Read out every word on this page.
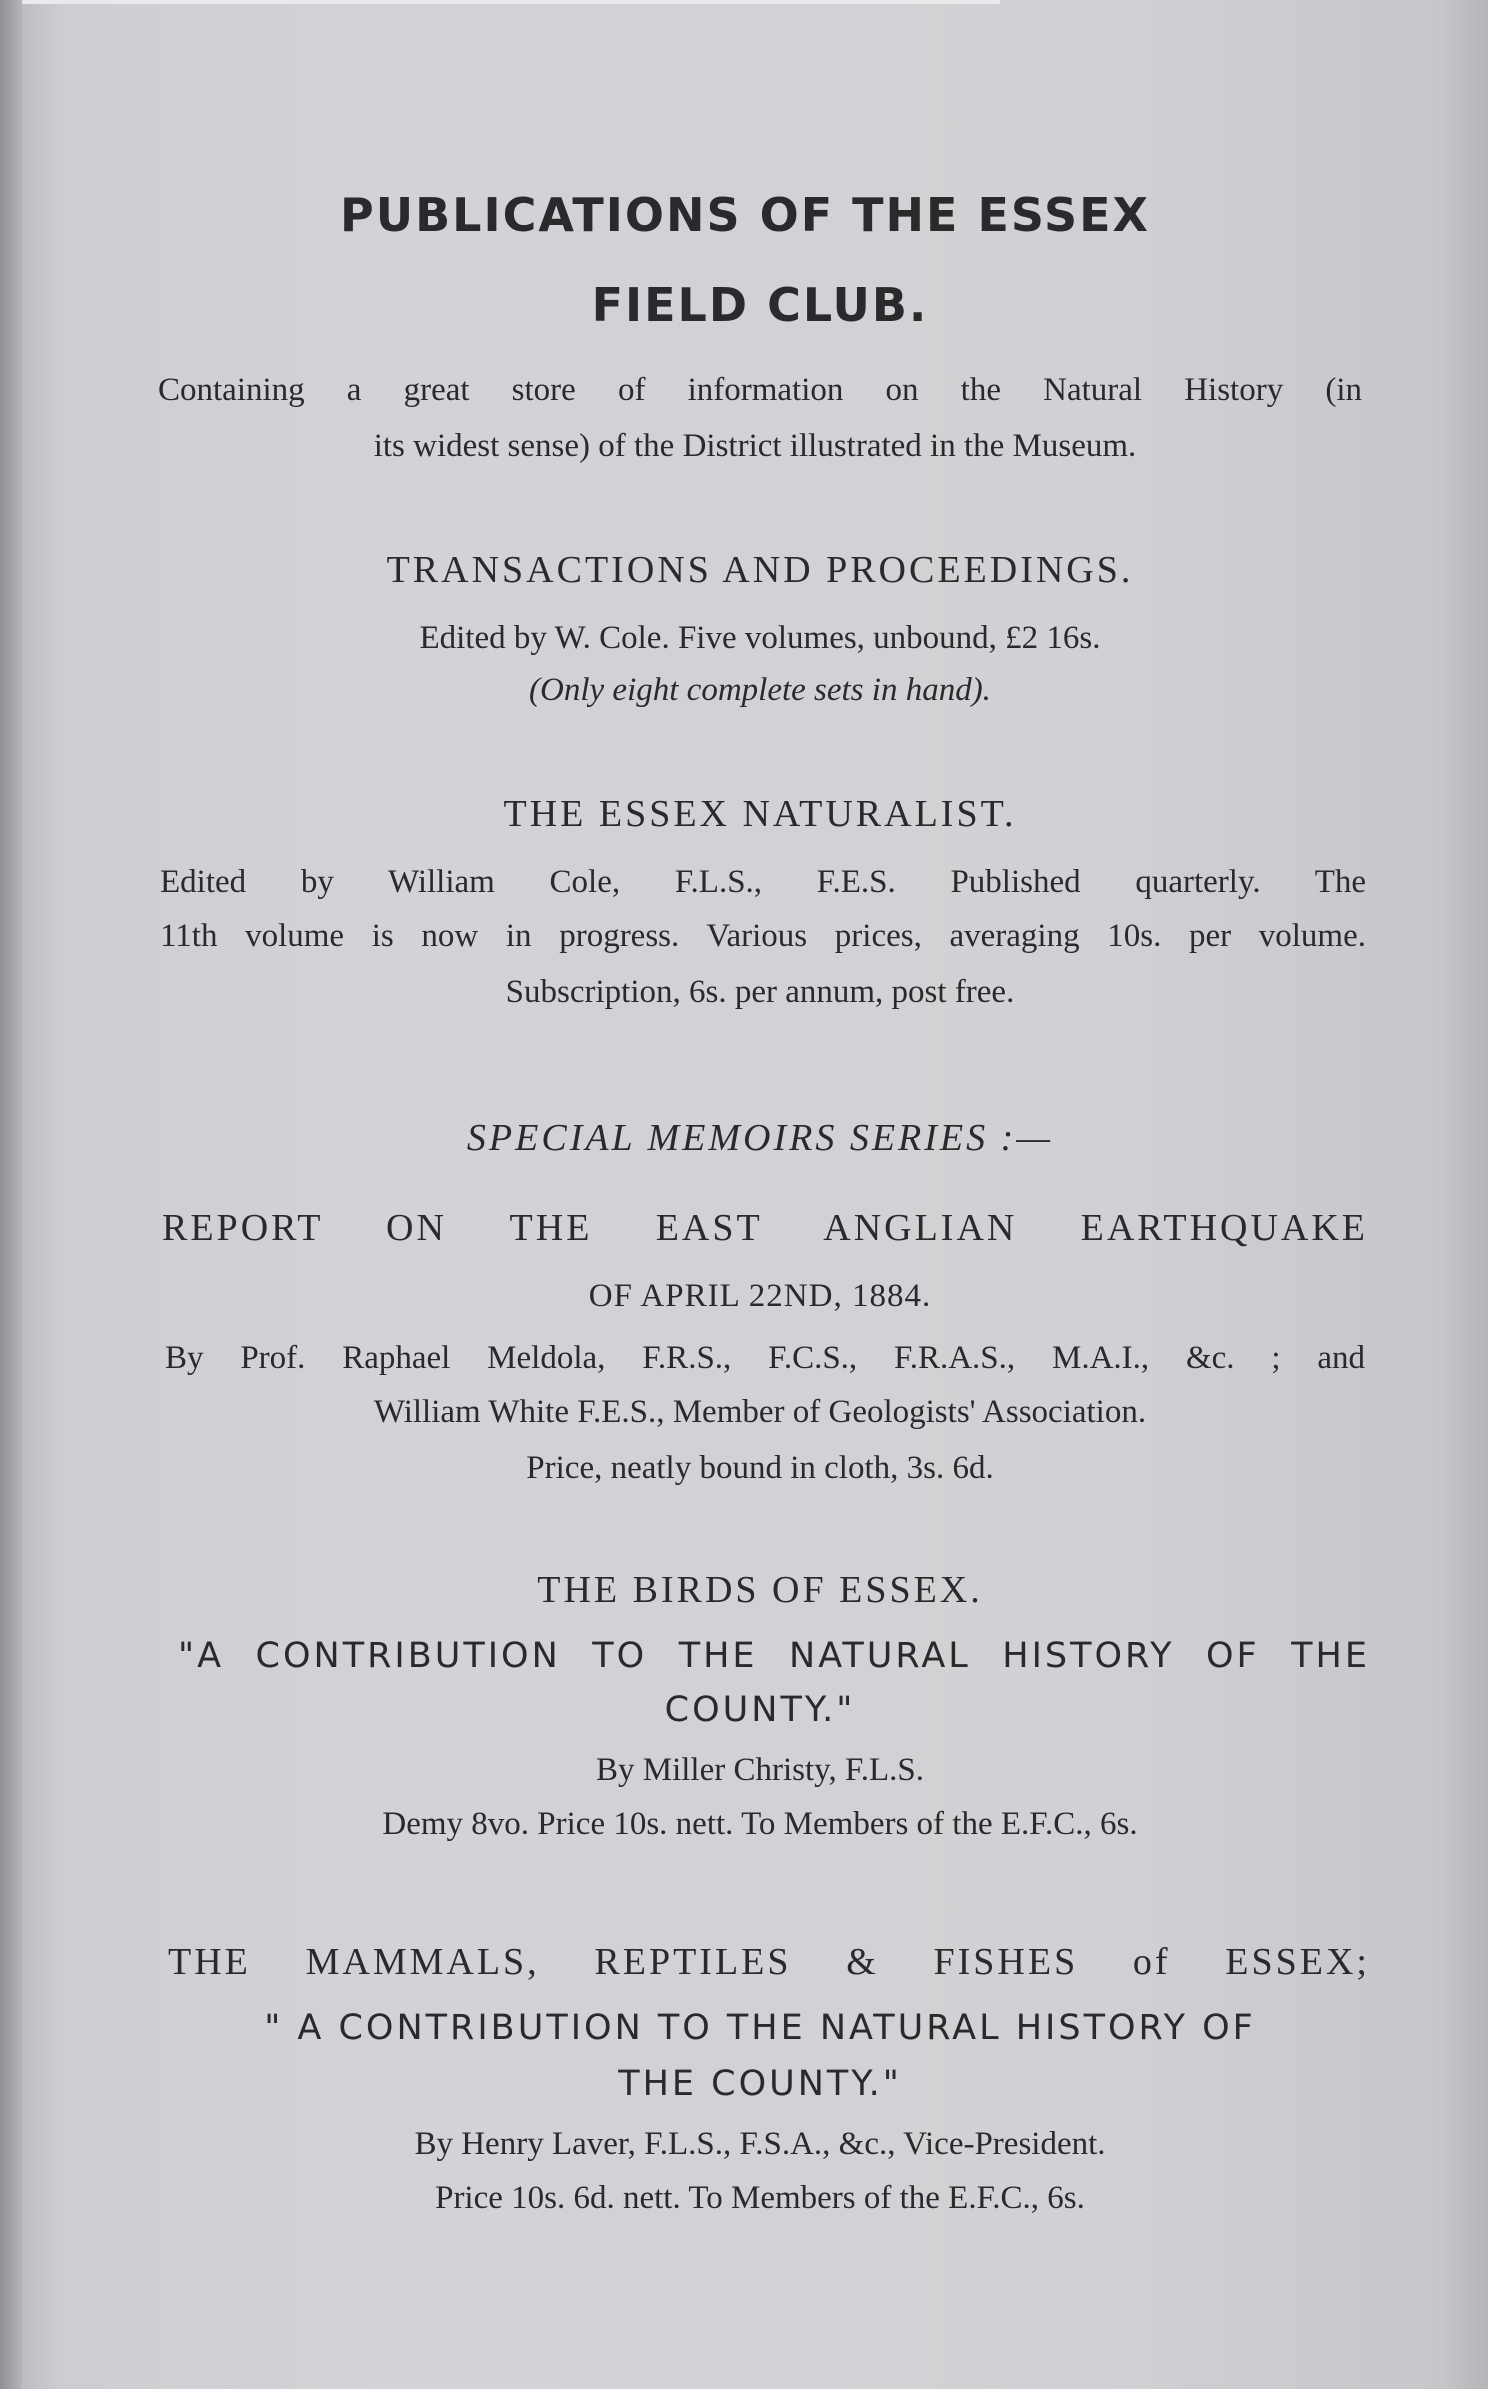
PUBLICATIONS OF THE ESSEX
FIELD CLUB.
Containing a great store of information on the Natural History (in
its widest sense) of the District illustrated in the Museum.
TRANSACTIONS AND PROCEEDINGS.
Edited by W. Cole. Five volumes, unbound, £2 16s.
(Only eight complete sets in hand).
THE ESSEX NATURALIST.
Edited by William Cole, F.L.S., F.E.S. Published quarterly. The
11th volume is now in progress. Various prices, averaging 10s. per volume.
Subscription, 6s. per annum, post free.
SPECIAL MEMOIRS SERIES :—
REPORT ON THE EAST ANGLIAN EARTHQUAKE
OF APRIL 22ND, 1884.
By Prof. Raphael Meldola, F.R.S., F.C.S., F.R.A.S., M.A.I., &c. ; and
William White F.E.S., Member of Geologists' Association.
Price, neatly bound in cloth, 3s. 6d.
THE BIRDS OF ESSEX.
"A CONTRIBUTION TO THE NATURAL HISTORY OF THE
COUNTY."
By Miller Christy, F.L.S.
Demy 8vo. Price 10s. nett. To Members of the E.F.C., 6s.
THE MAMMALS, REPTILES & FISHES of ESSEX;
" A CONTRIBUTION TO THE NATURAL HISTORY OF
THE COUNTY."
By Henry Laver, F.L.S., F.S.A., &c., Vice-President.
Price 10s. 6d. nett. To Members of the E.F.C., 6s.
